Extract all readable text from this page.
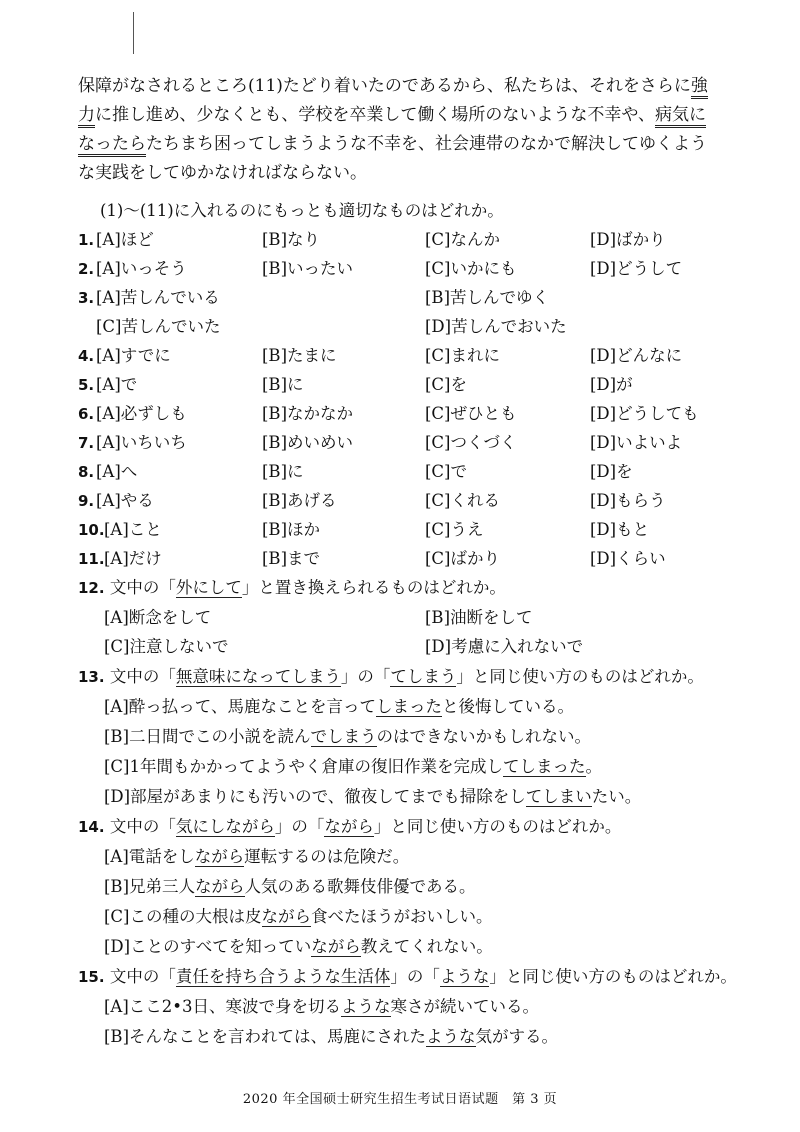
保障がなされるところ(11)たどり着いたのであるから、私たちは、それをさらに強
力に推し進め、少なくとも、学校を卒業して働く場所のないような不幸や、病気に
なったらたちまち困ってしまうような不幸を、社会連帯のなかで解決してゆくよう
な実践をしてゆかなければならない。
(1)～(11)に入れるのにもっとも適切なものはどれか。
1. [A]ほど	[B]なり	[C]なんか	[D]ばかり
2. [A]いっそう	[B]いったい	[C]いかにも	[D]どうして
3. [A]苦しんでいる	[B]苦しんでゆく
[C]苦しんでいた	[D]苦しんでおいた
4. [A]すでに	[B]たまに	[C]まれに	[D]どんなに
5. [A]で	[B]に	[C]を	[D]が
6. [A]必ずしも	[B]なかなか	[C]ぜひとも	[D]どうしても
7. [A]いちいち	[B]めいめい	[C]つくづく	[D]いよいよ
8. [A]へ	[B]に	[C]で	[D]を
9. [A]やる	[B]あげる	[C]くれる	[D]もらう
10. [A]こと	[B]ほか	[C]うえ	[D]もと
11. [A]だけ	[B]まで	[C]ばかり	[D]くらい
12. 文中の「外にして」と置き換えられるものはどれか。
[A]断念をして	[B]油断をして
[C]注意しないで	[D]考慮に入れないで
13. 文中の「無意味になってしまう」の「てしまう」と同じ使い方のものはどれか。
[A]酔っ払って、馬鹿なことを言ってしまったと後悔している。
[B]二日間でこの小説を読んでしまうのはできないかもしれない。
[C]1年間もかかってようやく倉庫の復旧作業を完成してしまった。
[D]部屋があまりにも汚いので、徹夜してまでも掃除をしてしまいたい。
14. 文中の「気にしながら」の「ながら」と同じ使い方のものはどれか。
[A]電話をしながら運転するのは危険だ。
[B]兄弟三人ながら人気のある歌舞伎俳優である。
[C]この種の大根は皮ながら食べたほうがおいしい。
[D]ことのすべてを知っていながら教えてくれない。
15. 文中の「責任を持ち合うような生活体」の「ような」と同じ使い方のものはどれか。
[A]ここ2•3日、寒波で身を切るような寒さが続いている。
[B]そんなことを言われては、馬鹿にされたような気がする。
2020 年全国硕士研究生招生考试日语试题　第 3 页
